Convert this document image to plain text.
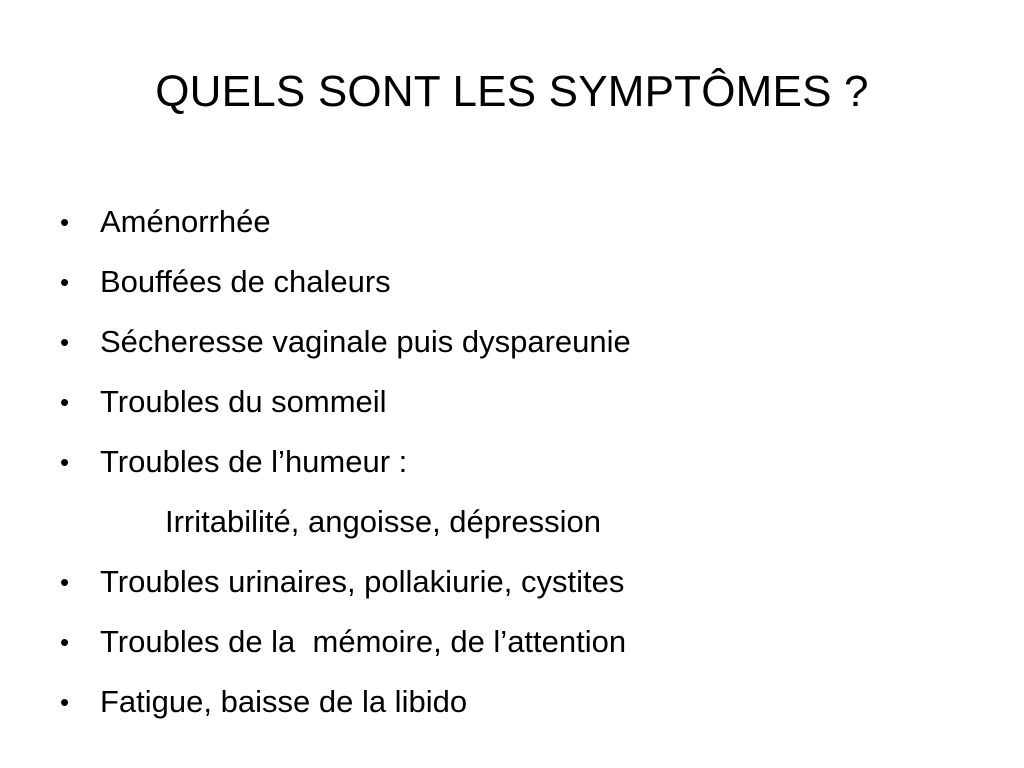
QUELS SONT LES SYMPTÔMES ?
• Aménorrhée
• Bouffées de chaleurs
• Sécheresse vaginale puis dyspareunie
• Troubles du sommeil
• Troubles de l’humeur :
Irritabilité, angoisse, dépression
• Troubles urinaires, pollakiurie, cystites
• Troubles de la  mémoire, de l’attention
• Fatigue, baisse de la libido
